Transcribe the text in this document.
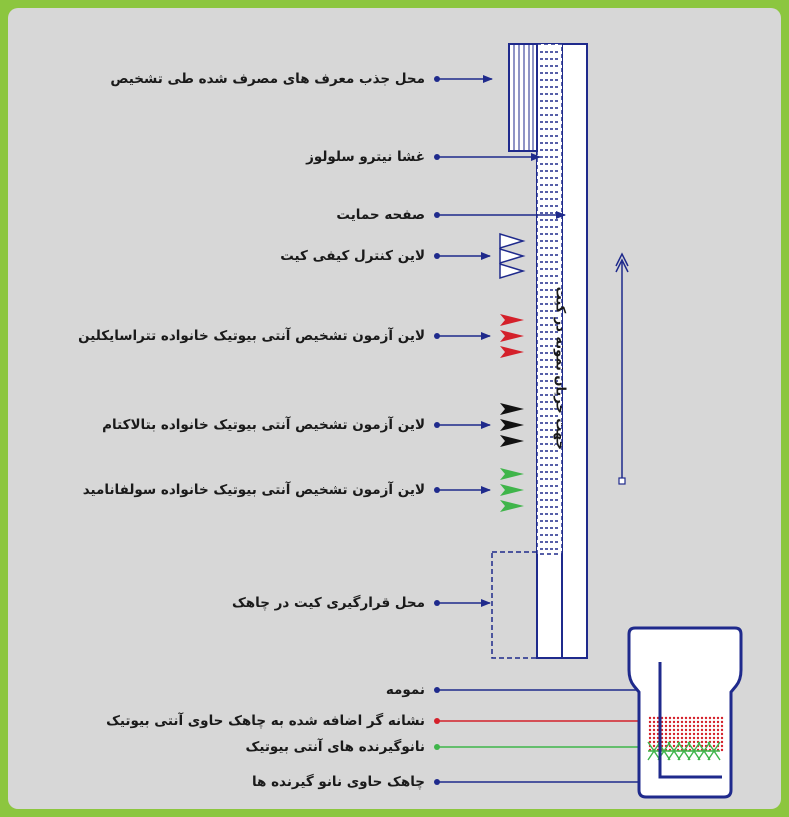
محل جذب معرف های مصرف شده طی تشخیص
غشا نیترو سلولوز
صفحه حمایت
لاین کنترل کیفی کیت
لاین آزمون تشخیص آنتی بیوتیک خانواده تتراسایکلین
لاین آزمون تشخیص آنتی بیوتیک خانواده بتالاکتام
لاین آزمون تشخیص آنتی بیوتیک خانواده سولفانامید
محل قرارگیری کیت در چاهک
نمومه
نشانه گر اضافه شده به چاهک حاوی آنتی بیوتیک
نانوگیرنده های آنتی بیوتیک
چاهک حاوی نانو گیرنده ها
جهت جریان نمونه در کیت
